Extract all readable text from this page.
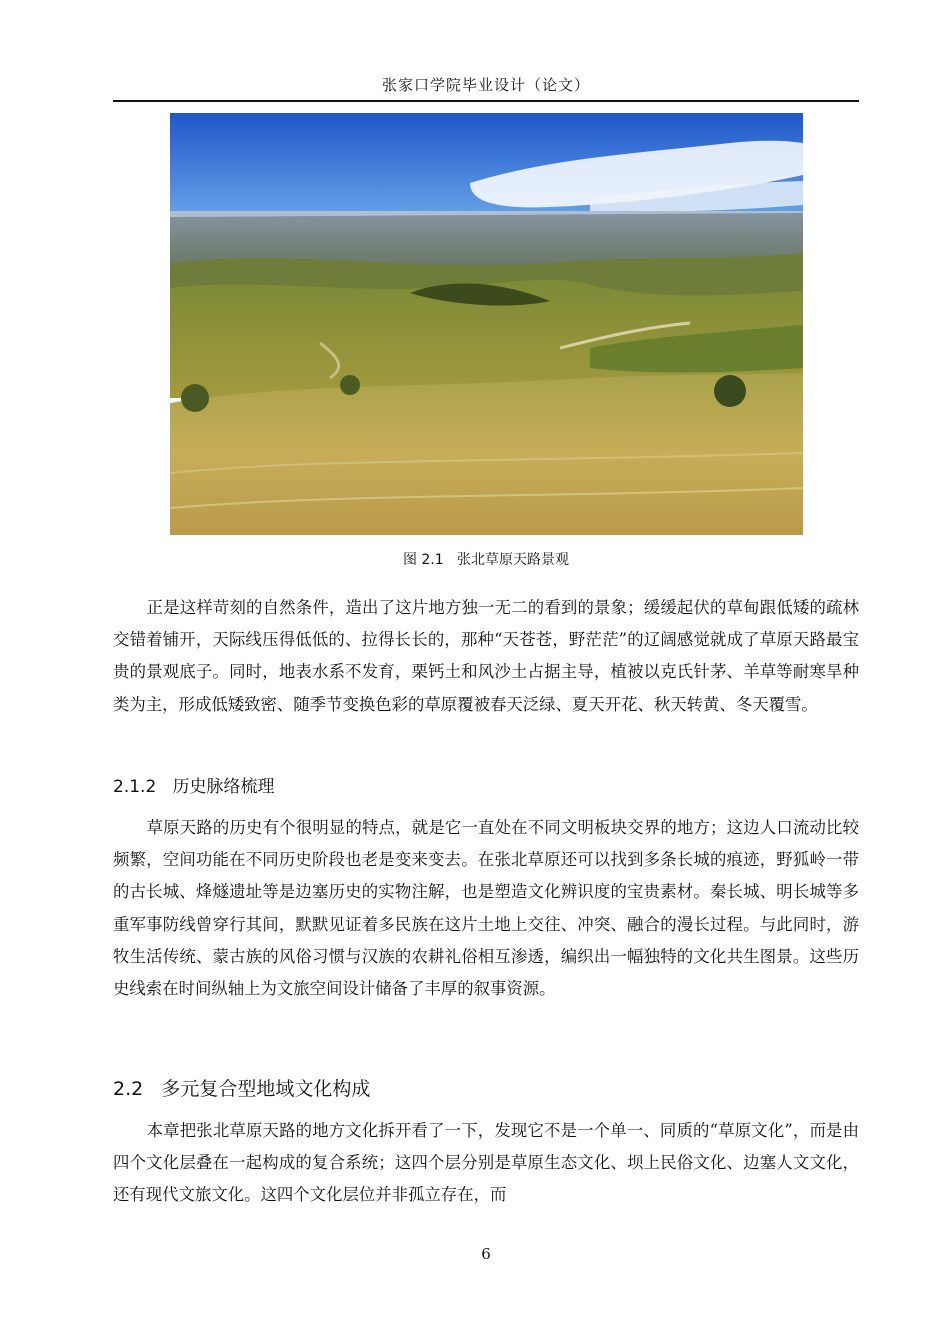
张家口学院毕业设计（论文）
图 2.1 张北草原天路景观

正是这样苛刻的自然条件，造出了这片地方独一无二的看到的景象；缓缓起伏的草甸跟低矮的疏林交错着铺开，天际线压得低低的、拉得长长的，那种“天苍苍，野茫茫”的辽阔感觉就成了草原天路最宝贵的景观底子。同时，地表水系不发育，栗钙土和风沙土占据主导，植被以克氏针茅、羊草等耐寒旱种类为主，形成低矮致密、随季节变换色彩的草原覆被春天泛绿、夏天开花、秋天转黄、冬天覆雪。

2.1.2 历史脉络梳理

草原天路的历史有个很明显的特点，就是它一直处在不同文明板块交界的地方；这边人口流动比较频繁，空间功能在不同历史阶段也老是变来变去。在张北草原还可以找到多条长城的痕迹，野狐岭一带的古长城、烽燧遗址等是边塞历史的实物注解，也是塑造文化辨识度的宝贵素材。秦长城、明长城等多重军事防线曾穿行其间，默默见证着多民族在这片土地上交往、冲突、融合的漫长过程。与此同时，游牧生活传统、蒙古族的风俗习惯与汉族的农耕礼俗相互渗透，编织出一幅独特的文化共生图景。这些历史线索在时间纵轴上为文旅空间设计储备了丰厚的叙事资源。

2.2 多元复合型地域文化构成

本章把张北草原天路的地方文化拆开看了一下，发现它不是一个单一、同质的“草原文化”，而是由四个文化层叠在一起构成的复合系统；这四个层分别是草原生态文化、坝上民俗文化、边塞人文文化，还有现代文旅文化。这四个文化层位并非孤立存在，而

6
